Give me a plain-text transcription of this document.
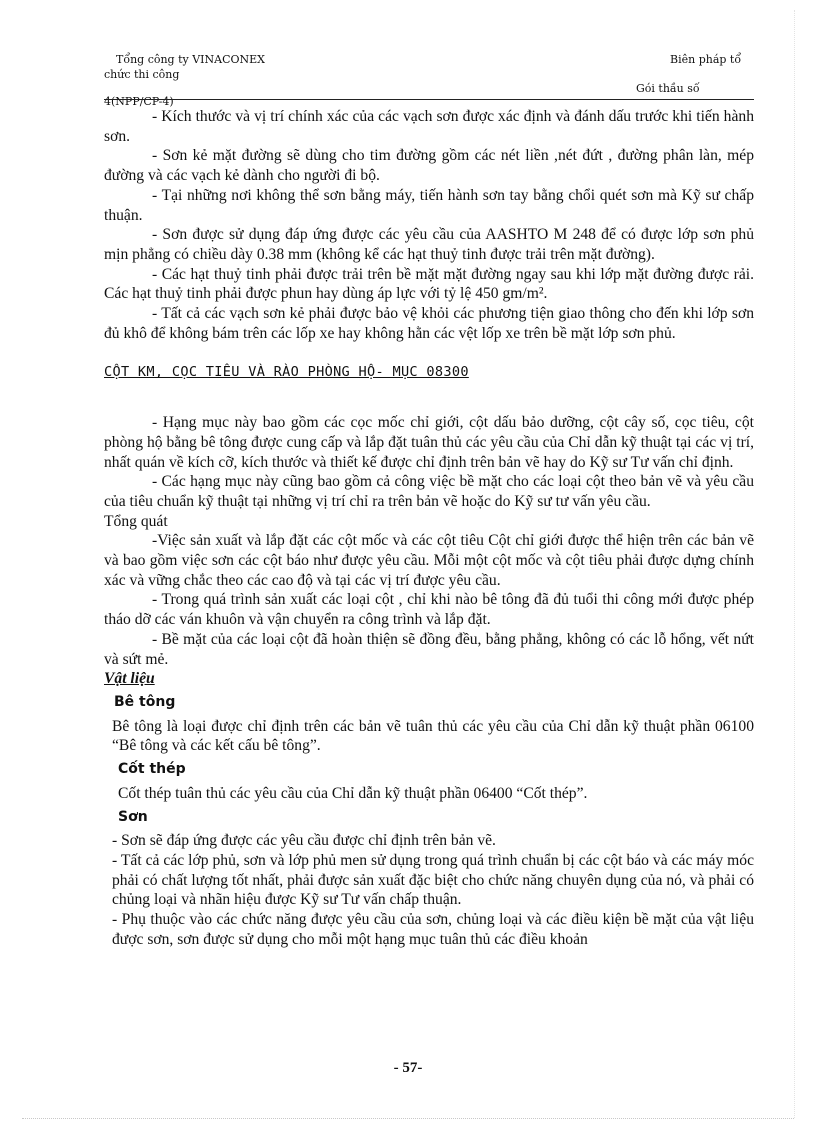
Tổng công ty VINACONEX	Biên pháp tổ
chức thi công
Gói thầu số
4(NPP/CP-4)

- Kích thước và vị trí chính xác của các vạch sơn được xác định và đánh dấu trước khi tiến hành sơn.

- Sơn kẻ mặt đường sẽ dùng cho tim đường gồm các nét liền ,nét đứt , đường phân làn, mép đường và các vạch kẻ dành cho người đi bộ.

- Tại những nơi không thể sơn bằng máy, tiến hành sơn tay bằng chổi quét sơn mà Kỹ sư chấp thuận.

- Sơn được sử dụng đáp ứng được các yêu cầu của AASHTO M 248 để có được lớp sơn phủ mịn phẳng có chiều dày 0.38 mm (không kể các hạt thuỷ tinh được trải trên mặt đường).

- Các hạt thuỷ tinh phải được trải trên bề mặt mặt đường ngay sau khi lớp mặt đường được rải. Các hạt thuỷ tinh phải được phun hay dùng áp lực với tỷ lệ 450 gm/m².

- Tất cả các vạch sơn kẻ phải được bảo vệ khỏi các phương tiện giao thông cho đến khi lớp sơn đủ khô để không bám trên các lốp xe hay không hằn các vệt lốp xe trên bề mặt lớp sơn phủ.

CỘT KM, CỌC TIÊU VÀ RÀO PHÒNG HỘ- MỤC 08300

- Hạng mục này bao gồm các cọc mốc chỉ giới, cột dấu bảo dưỡng, cột cây số, cọc tiêu, cột phòng hộ bằng bê tông được cung cấp và lắp đặt tuân thủ các yêu cầu của Chỉ dẫn kỹ thuật tại các vị trí, nhất quán về kích cỡ, kích thước và thiết kế được chỉ định trên bản vẽ hay do Kỹ sư Tư vấn chỉ định.

- Các hạng mục này cũng bao gồm cả công việc bề mặt cho các loại cột theo bản vẽ và yêu cầu của tiêu chuẩn kỹ thuật tại những vị trí chỉ ra trên bản vẽ hoặc do Kỹ sư tư vấn yêu cầu.

Tổng quát

-Việc sản xuất và lắp đặt các cột mốc và các cột tiêu Cột chỉ giới được thể hiện trên các bản vẽ và bao gồm việc sơn các cột báo như được yêu cầu. Mỗi một cột mốc và cột tiêu phải được dựng chính xác và vững chắc theo các cao độ và tại các vị trí được yêu cầu.

- Trong quá trình sản xuất các loại cột , chỉ khi nào bê tông đã đủ tuổi thi công mới được phép tháo dỡ các ván khuôn và vận chuyển ra công trình và lắp đặt.

- Bề mặt của các loại cột đã hoàn thiện sẽ đồng đều, bằng phẳng, không có các lỗ hổng, vết nứt và sứt mẻ.

Vật liệu

Bê tông

Bê tông là loại được chỉ định trên các bản vẽ tuân thủ các yêu cầu của Chỉ dẫn kỹ thuật phần 06100 “Bê tông và các kết cấu bê tông”.

Cốt thép

Cốt thép tuân thủ các yêu cầu của Chỉ dẫn kỹ thuật phần 06400 “Cốt thép”.

Sơn

- Sơn sẽ đáp ứng được các yêu cầu được chỉ định trên bản vẽ.

- Tất cả các lớp phủ, sơn và lớp phủ men sử dụng trong quá trình chuẩn bị các cột báo và các máy móc phải có chất lượng tốt nhất, phải được sản xuất đặc biệt cho chức năng chuyên dụng của nó, và phải có chủng loại và nhãn hiệu được Kỹ sư Tư vấn chấp thuận.

- Phụ thuộc vào các chức năng được yêu cầu của sơn, chủng loại và các điều kiện bề mặt của vật liệu được sơn, sơn được sử dụng cho mỗi một hạng mục tuân thủ các điều khoản

- 57-
